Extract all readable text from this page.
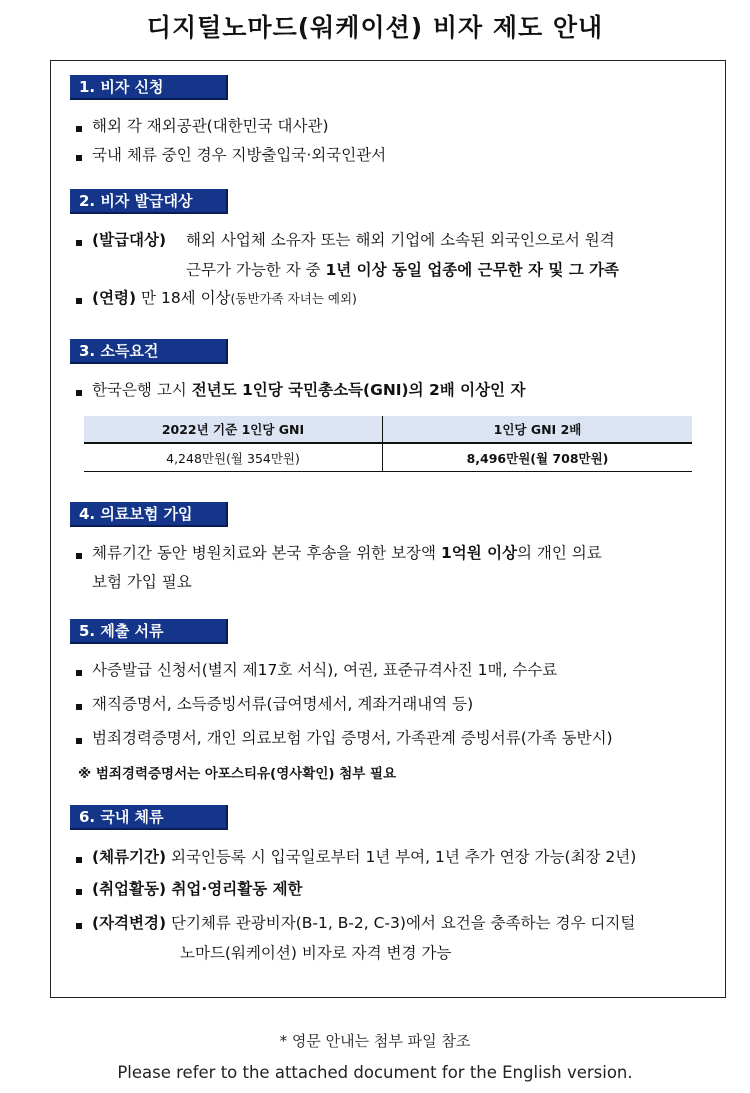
디지털노마드(워케이션) 비자 제도 안내
1. 비자 신청
해외 각 재외공관(대한민국 대사관)
국내 체류 중인 경우 지방출입국·외국인관서
2. 비자 발급대상
(발급대상) 해외 사업체 소유자 또는 해외 기업에 소속된 외국인으로서 원격
근무가 가능한 자 중 1년 이상 동일 업종에 근무한 자 및 그 가족
(연령) 만 18세 이상(동반가족 자녀는 예외)
3. 소득요건
한국은행 고시 전년도 1인당 국민총소득(GNI)의 2배 이상인 자
2022년 기준 1인당 GNI	1인당 GNI 2배
4,248만원(월 354만원)	8,496만원(월 708만원)
4. 의료보험 가입
체류기간 동안 병원치료와 본국 후송을 위한 보장액 1억원 이상의 개인 의료
보험 가입 필요
5. 제출 서류
사증발급 신청서(별지 제17호 서식), 여권, 표준규격사진 1매, 수수료
재직증명서, 소득증빙서류(급여명세서, 계좌거래내역 등)
범죄경력증명서, 개인 의료보험 가입 증명서, 가족관계 증빙서류(가족 동반시)
※ 범죄경력증명서는 아포스티유(영사확인) 첨부 필요
6. 국내 체류
(체류기간) 외국인등록 시 입국일로부터 1년 부여, 1년 추가 연장 가능(최장 2년)
(취업활동) 취업·영리활동 제한
(자격변경) 단기체류 관광비자(B-1, B-2, C-3)에서 요건을 충족하는 경우 디지털
노마드(워케이션) 비자로 자격 변경 가능
* 영문 안내는 첨부 파일 참조
Please refer to the attached document for the English version.
